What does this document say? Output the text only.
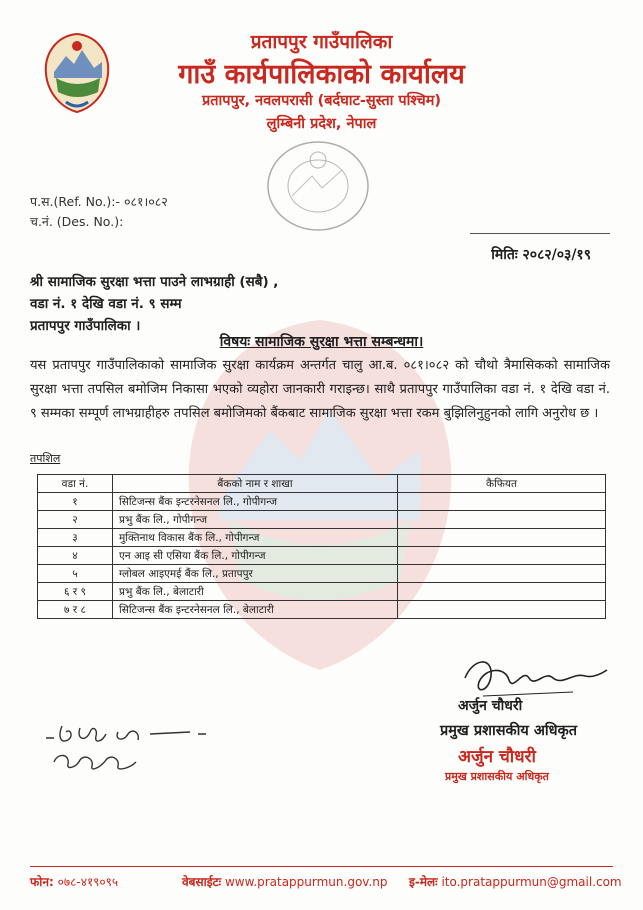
प्रतापपुर गाउँपालिका
गाउँ कार्यपालिकाको कार्यालय
प्रतापपुर, नवलपरासी (बर्दघाट-सुस्ता पश्चिम)
लुम्बिनी प्रदेश, नेपाल
प.स.(Ref. No.):- ०८१।०८२
च.नं. (Des. No.):
मितिः २०८२/०३/१९
श्री सामाजिक सुरक्षा भत्ता पाउने लाभग्राही (सबै) ,
वडा नं. १ देखि वडा नं. ९ सम्म
प्रतापपुर गाउँपालिका ।
विषयः सामाजिक सुरक्षा भत्ता सम्बन्धमा।
यस प्रतापपुर गाउँपालिकाको सामाजिक सुरक्षा कार्यक्रम अन्तर्गत चालु आ.ब. ०८१।०८२ को चौथो त्रैमासिकको सामाजिक सुरक्षा भत्ता तपसिल बमोजिम निकासा भएको व्यहोरा जानकारी गराइन्छ। साथै प्रतापपुर गाउँपालिका वडा नं. १ देखि वडा नं. ९ सम्मका सम्पूर्ण लाभग्राहीहरु तपसिल बमोजिमको बैंकबाट सामाजिक सुरक्षा भत्ता रकम बुझिलिनुहुनको लागि अनुरोध छ ।
तपशिल
वडा नं.	बैंकको नाम र शाखा	कैफियत
१	सिटिजन्स बैंक इन्टरनेसनल लि., गोपीगन्ज	
२	प्रभु बैंक लि., गोपीगन्ज	
३	मुक्तिनाथ विकास बैंक लि., गोपीगन्ज	
४	एन आइ सी एसिया बैंक लि., गोपीगन्ज	
५	ग्लोबल आइएमई बैंक लि., प्रतापपुर	
६ र ९	प्रभु बैंक लि., बेलाटारी	
७ र ८	सिटिजन्स बैंक इन्टरनेसनल लि., बेलाटारी	
अर्जुन चौधरी
प्रमुख प्रशासकीय अधिकृत
अर्जुन चौधरी
प्रमुख प्रशासकीय अधिकृत
फोन: ०७८-४१९०९५	वेबसाईटः www.pratappurmun.gov.np इ-मेलः ito.pratappurmun@gmail.com
